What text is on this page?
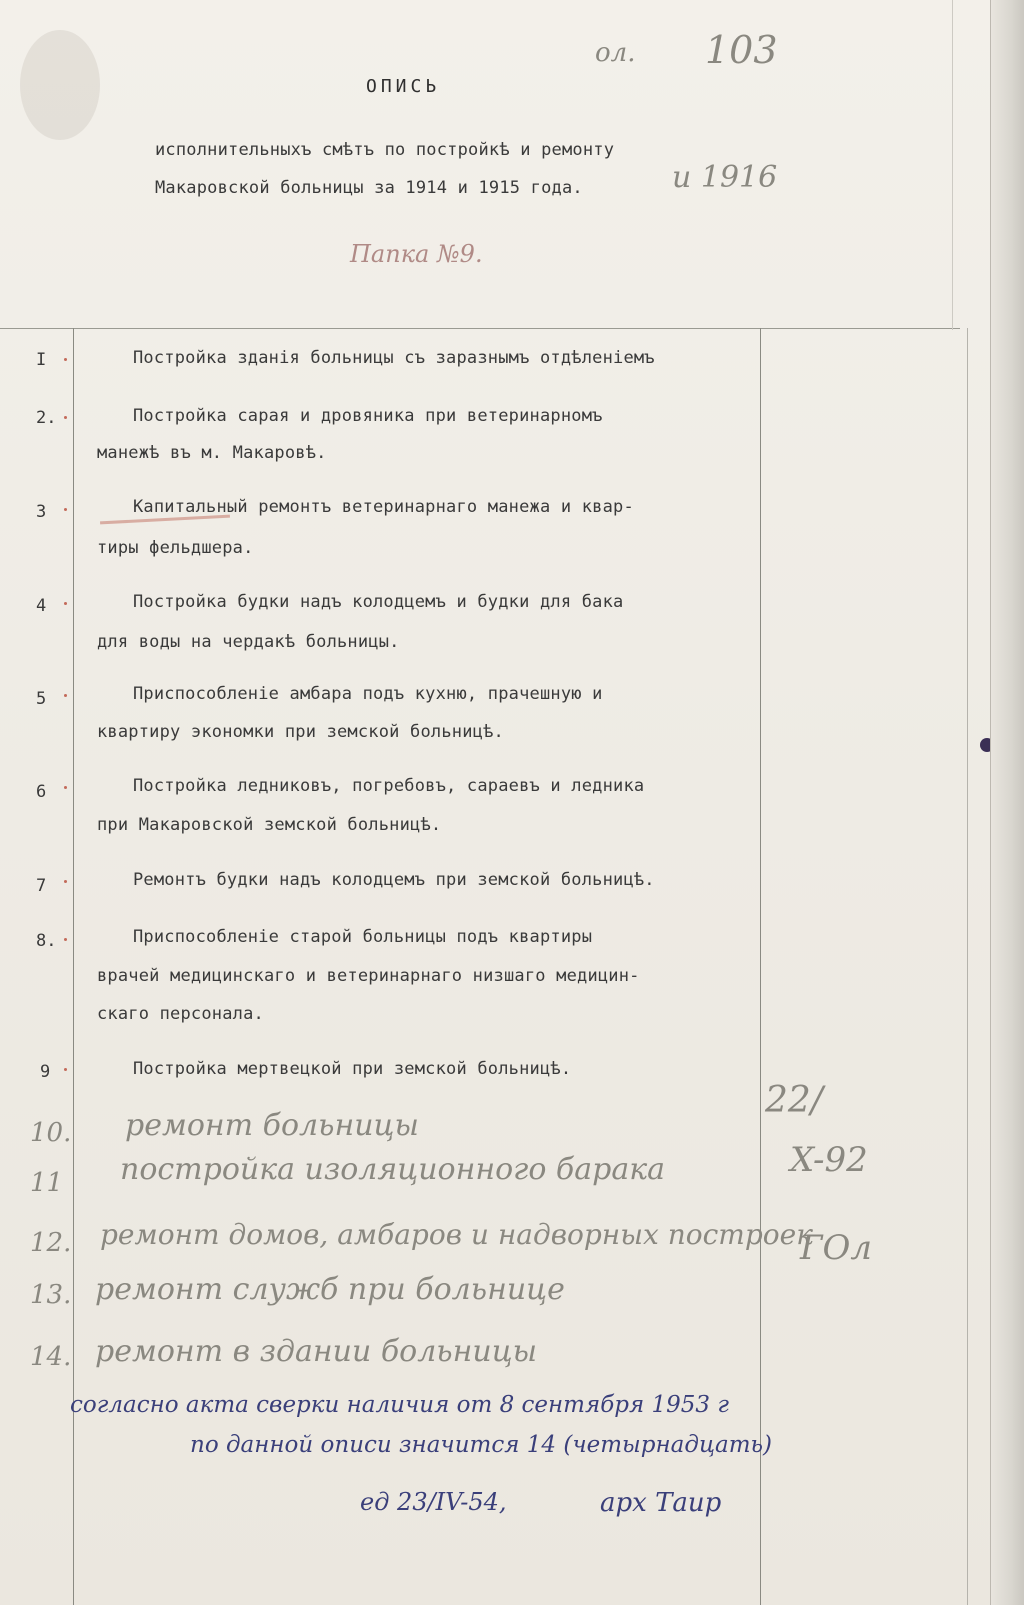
ОПИСЬ
исполнительныхъ смѣтъ по постройкѣ и ремонту
Макаровской больницы за 1914 и 1915 года.	и 1916
Папка №9.
ол. 103
I	Постройка зданія больницы съ заразнымъ отдѣленіемъ
2.	Постройка сарая и дровяника при ветеринарномъ
манежѣ въ м. Макаровѣ.
3	Капитальный ремонтъ ветеринарнаго манежа и квар-
тиры фельдшера.
4	Постройка будки надъ колодцемъ и будки для бака
для воды на чердакѣ больницы.
5	Приспособленіе амбара подъ кухню, прачешную и
квартиру экономки при земской больницѣ.
6	Постройка ледниковъ, погребовъ, сараевъ и ледника
при Макаровской земской больницѣ.
7	Ремонтъ будки надъ колодцемъ при земской больницѣ.
8.	Приспособленіе старой больницы подъ квартиры
врачей медицинскаго и ветеринарнаго низшаго медицин-
скаго персонала.
9	Постройка мертвецкой при земской больницѣ.
10. ремонт больницы
11 постройка изоляционного барака
12. ремонт домов, амбаров и надворных построек
13. ремонт служб при больнице
14. ремонт в здании больницы
22/
X-92
ГОл
согласно акта сверки наличия от 8 сентября 1953 г
по данной описи значится 14 (четырнадцать)
ед 23/IV-54,	арх Таир
